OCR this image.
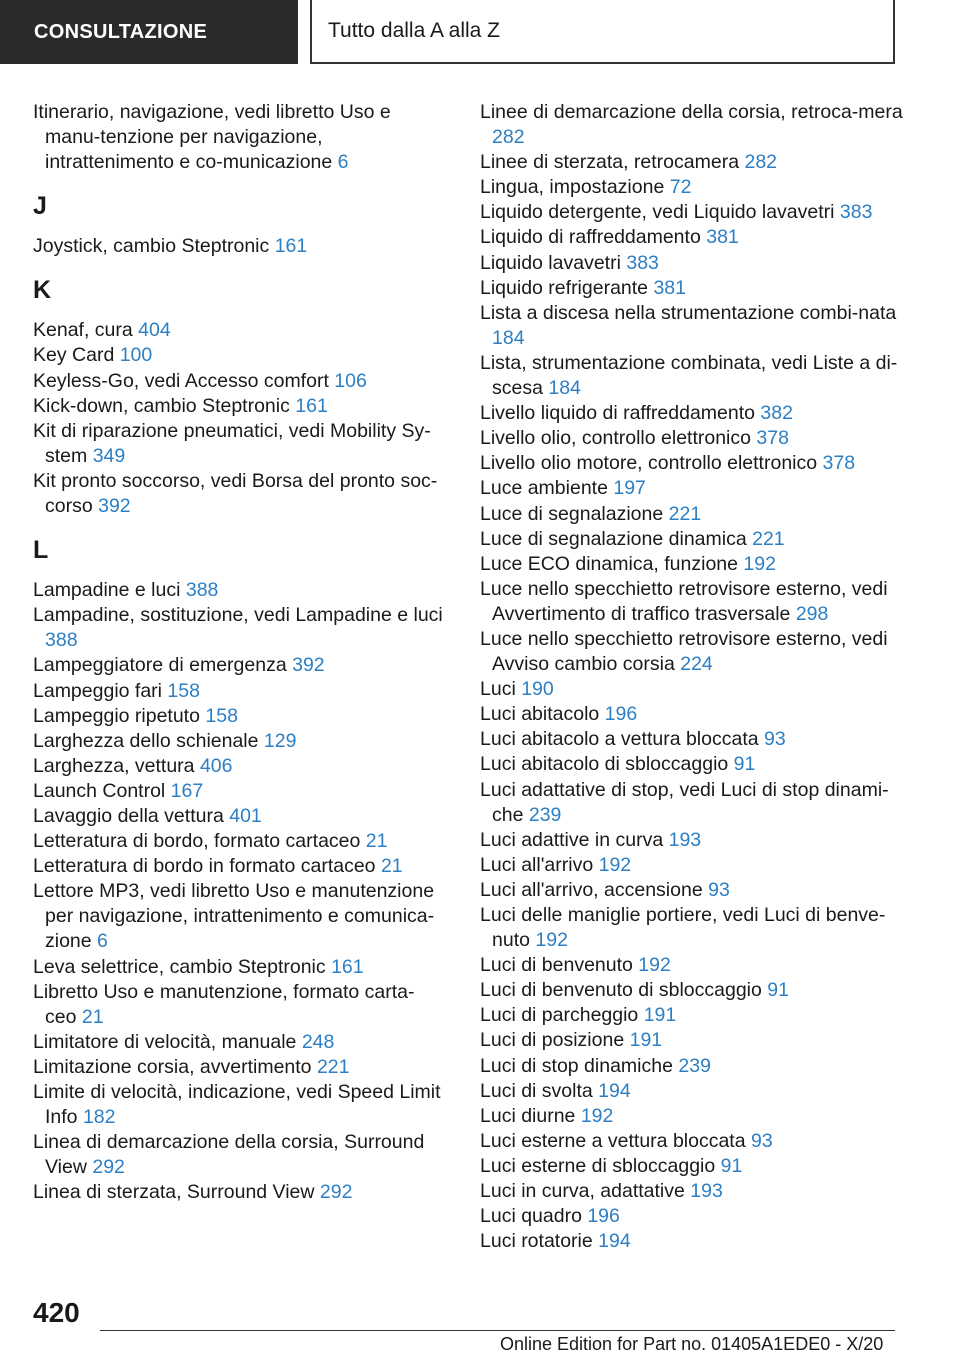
CONSULTAZIONE	Tutto dalla A alla Z
Itinerario, navigazione, vedi libretto Uso e manu-tenzione per navigazione, intrattenimento e co-municazione 6
J
Joystick, cambio Steptronic 161
K
Kenaf, cura 404
Key Card 100
Keyless-Go, vedi Accesso comfort 106
Kick-down, cambio Steptronic 161
Kit di riparazione pneumatici, vedi Mobility Sy-stem 349
Kit pronto soccorso, vedi Borsa del pronto soc-corso 392
L
Lampadine e luci 388
Lampadine, sostituzione, vedi Lampadine e luci 388
Lampeggiatore di emergenza 392
Lampeggio fari 158
Lampeggio ripetuto 158
Larghezza dello schienale 129
Larghezza, vettura 406
Launch Control 167
Lavaggio della vettura 401
Letteratura di bordo, formato cartaceo 21
Letteratura di bordo in formato cartaceo 21
Lettore MP3, vedi libretto Uso e manutenzione per navigazione, intrattenimento e comunica-zione 6
Leva selettrice, cambio Steptronic 161
Libretto Uso e manutenzione, formato carta-ceo 21
Limitatore di velocità, manuale 248
Limitazione corsia, avvertimento 221
Limite di velocità, indicazione, vedi Speed Limit Info 182
Linea di demarcazione della corsia, Surround View 292
Linea di sterzata, Surround View 292
Linee di demarcazione della corsia, retroca-mera 282
Linee di sterzata, retrocamera 282
Lingua, impostazione 72
Liquido detergente, vedi Liquido lavavetri 383
Liquido di raffreddamento 381
Liquido lavavetri 383
Liquido refrigerante 381
Lista a discesa nella strumentazione combi-nata 184
Lista, strumentazione combinata, vedi Liste a di-scesa 184
Livello liquido di raffreddamento 382
Livello olio, controllo elettronico 378
Livello olio motore, controllo elettronico 378
Luce ambiente 197
Luce di segnalazione 221
Luce di segnalazione dinamica 221
Luce ECO dinamica, funzione 192
Luce nello specchietto retrovisore esterno, vedi Avvertimento di traffico trasversale 298
Luce nello specchietto retrovisore esterno, vedi Avviso cambio corsia 224
Luci 190
Luci abitacolo 196
Luci abitacolo a vettura bloccata 93
Luci abitacolo di sbloccaggio 91
Luci adattative di stop, vedi Luci di stop dinami-che 239
Luci adattive in curva 193
Luci all'arrivo 192
Luci all'arrivo, accensione 93
Luci delle maniglie portiere, vedi Luci di benve-nuto 192
Luci di benvenuto 192
Luci di benvenuto di sbloccaggio 91
Luci di parcheggio 191
Luci di posizione 191
Luci di stop dinamiche 239
Luci di svolta 194
Luci diurne 192
Luci esterne a vettura bloccata 93
Luci esterne di sbloccaggio 91
Luci in curva, adattative 193
Luci quadro 196
Luci rotatorie 194
420
Online Edition for Part no. 01405A1EDE0 - X/20
